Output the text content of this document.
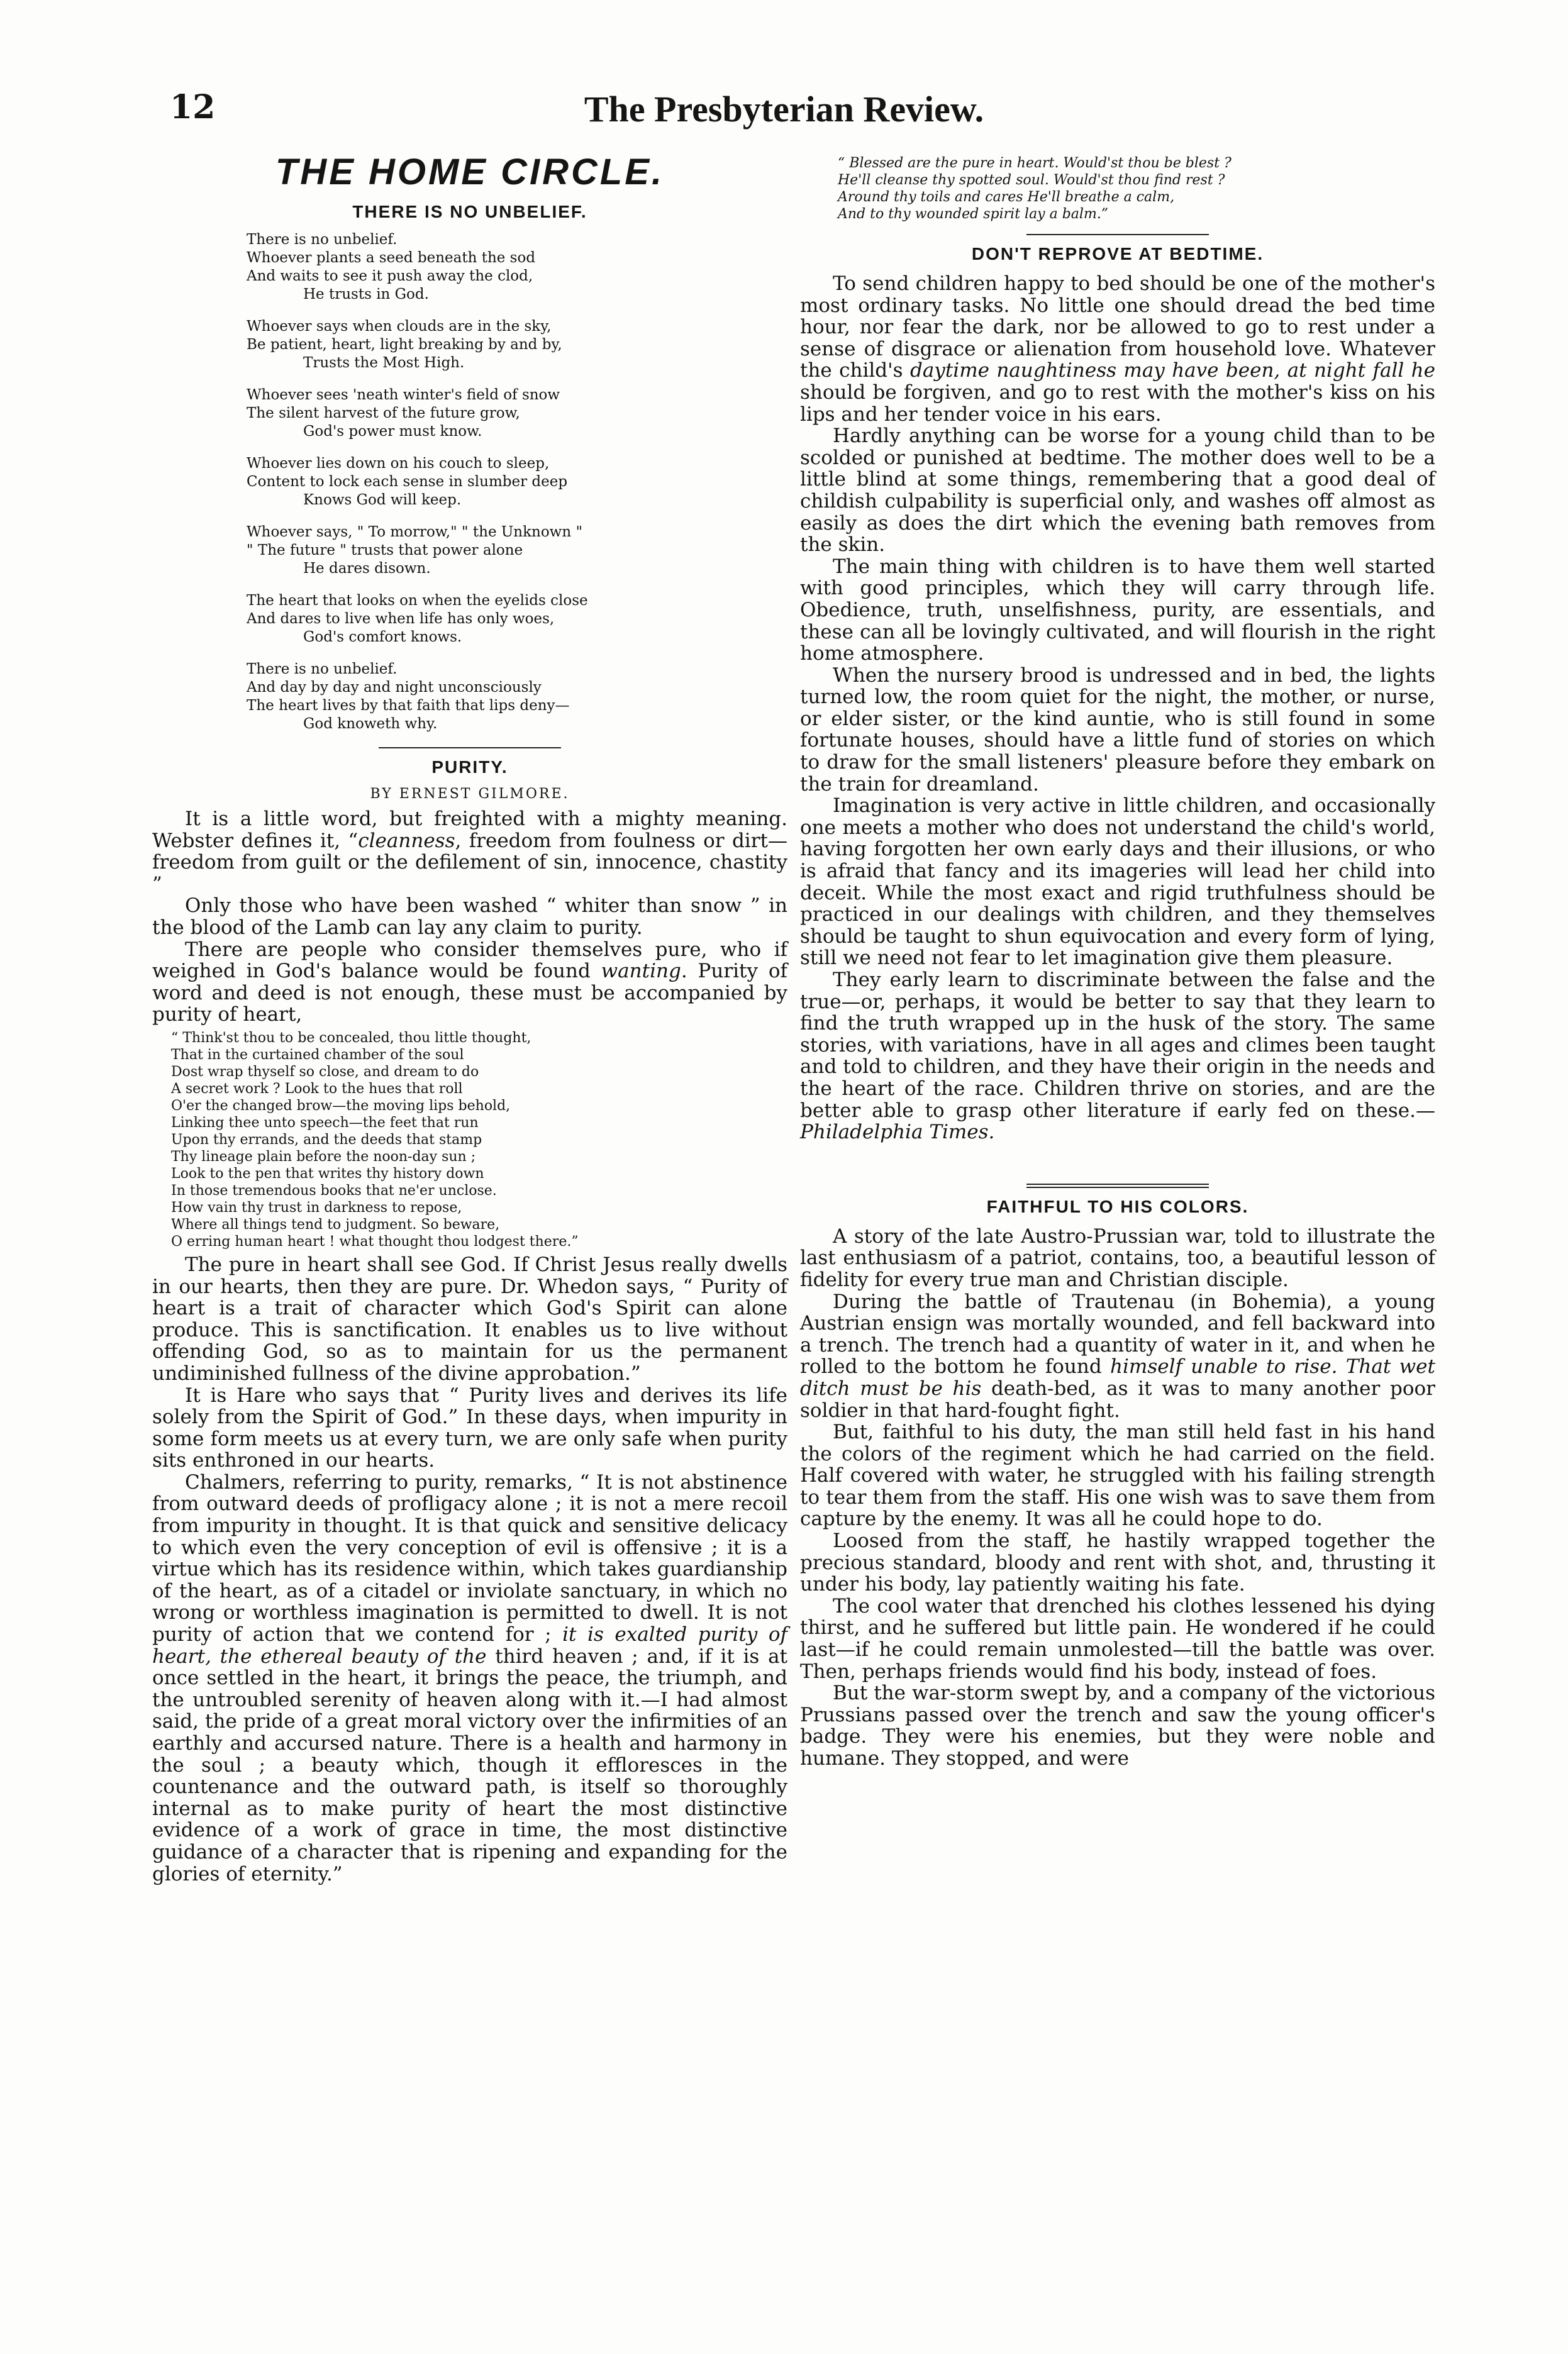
12	The Presbyterian Review.
THE HOME CIRCLE.
THERE IS NO UNBELIEF.
There is no unbelief.
Whoever plants a seed beneath the sod
And waits to see it push away the clod,
He trusts in God.
Whoever says when clouds are in the sky,
Be patient, heart, light breaking by and by,
Trusts the Most High.
Whoever sees 'neath winter's field of snow
The silent harvest of the future grow,
God's power must know.
Whoever lies down on his couch to sleep,
Content to lock each sense in slumber deep
Knows God will keep.
Whoever says, " To morrow," " the Unknown "
" The future " trusts that power alone
He dares disown.
The heart that looks on when the eyelids close
And dares to live when life has only woes,
God's comfort knows.
There is no unbelief.
And day by day and night unconsciously
The heart lives by that faith that lips deny—
God knoweth why.
PURITY.
BY ERNEST GILMORE.

It is a little word, but freighted with a mighty meaning. Webster defines it, “cleanness, freedom from foulness or dirt—freedom from guilt or the defilement of sin, innocence, chastity ”

Only those who have been washed “ whiter than snow ” in the blood of the Lamb can lay any claim to purity.

There are people who consider themselves pure, who if weighed in God's balance would be found wanting. Purity of word and deed is not enough, these must be accompanied by purity of heart,

“ Think'st thou to be concealed, thou little thought,
That in the curtained chamber of the soul
Dost wrap thyself so close, and dream to do
A secret work ? Look to the hues that roll
O'er the changed brow—the moving lips behold,
Linking thee unto speech—the feet that run
Upon thy errands, and the deeds that stamp
Thy lineage plain before the noon-day sun ;
Look to the pen that writes thy history down
In those tremendous books that ne'er unclose.
How vain thy trust in darkness to repose,
Where all things tend to judgment. So beware,
O erring human heart ! what thought thou lodgest there.”

The pure in heart shall see God. If Christ Jesus really dwells in our hearts, then they are pure. Dr. Whedon says, “ Purity of heart is a trait of character which God's Spirit can alone produce. This is sanctification. It enables us to live without offending God, so as to maintain for us the permanent undiminished fullness of the divine approbation.”

It is Hare who says that “ Purity lives and derives its life solely from the Spirit of God.” In these days, when impurity in some form meets us at every turn, we are only safe when purity sits enthroned in our hearts.

Chalmers, referring to purity, remarks, “ It is not abstinence from outward deeds of profligacy alone ; it is not a mere recoil from impurity in thought. It is that quick and sensitive delicacy to which even the very conception of evil is offensive ; it is a virtue which has its residence within, which takes guardianship of the heart, as of a citadel or inviolate sanctuary, in which no wrong or worthless imagination is permitted to dwell. It is not purity of action that we contend for ; it is exalted purity of heart, the ethereal beauty of the third heaven ; and, if it is at once settled in the heart, it brings the peace, the triumph, and the untroubled serenity of heaven along with it.—I had almost said, the pride of a great moral victory over the infirmities of an earthly and accursed nature. There is a health and harmony in the soul ; a beauty which, though it effloresces in the countenance and the outward path, is itself so thoroughly internal as to make purity of heart the most distinctive evidence of a work of grace in time, the most distinctive guidance of a character that is ripening and expanding for the glories of eternity.”

“ Blessed are the pure in heart. Would'st thou be blest ?
He'll cleanse thy spotted soul. Would'st thou find rest ?
Around thy toils and cares He'll breathe a calm,
And to thy wounded spirit lay a balm.”
DON'T REPROVE AT BEDTIME.

To send children happy to bed should be one of the mother's most ordinary tasks. No little one should dread the bed time hour, nor fear the dark, nor be allowed to go to rest under a sense of disgrace or alienation from household love. Whatever the child's daytime naughtiness may have been, at night fall he should be forgiven, and go to rest with the mother's kiss on his lips and her tender voice in his ears.

Hardly anything can be worse for a young child than to be scolded or punished at bedtime. The mother does well to be a little blind at some things, remembering that a good deal of childish culpability is superficial only, and washes off almost as easily as does the dirt which the evening bath removes from the skin.

The main thing with children is to have them well started with good principles, which they will carry through life. Obedience, truth, unselfishness, purity, are essentials, and these can all be lovingly cultivated, and will flourish in the right home atmosphere.

When the nursery brood is undressed and in bed, the lights turned low, the room quiet for the night, the mother, or nurse, or elder sister, or the kind auntie, who is still found in some fortunate houses, should have a little fund of stories on which to draw for the small listeners' pleasure before they embark on the train for dreamland.

Imagination is very active in little children, and occasionally one meets a mother who does not understand the child's world, having forgotten her own early days and their illusions, or who is afraid that fancy and its imageries will lead her child into deceit. While the most exact and rigid truthfulness should be practiced in our dealings with children, and they themselves should be taught to shun equivocation and every form of lying, still we need not fear to let imagination give them pleasure.

They early learn to discriminate between the false and the true—or, perhaps, it would be better to say that they learn to find the truth wrapped up in the husk of the story. The same stories, with variations, have in all ages and climes been taught and told to children, and they have their origin in the needs and the heart of the race. Children thrive on stories, and are the better able to grasp other literature if early fed on these.—Philadelphia Times.

FAITHFUL TO HIS COLORS.

A story of the late Austro-Prussian war, told to illustrate the last enthusiasm of a patriot, contains, too, a beautiful lesson of fidelity for every true man and Christian disciple.

During the battle of Trautenau (in Bohemia), a young Austrian ensign was mortally wounded, and fell backward into a trench. The trench had a quantity of water in it, and when he rolled to the bottom he found himself unable to rise. That wet ditch must be his death-bed, as it was to many another poor soldier in that hard-fought fight.

But, faithful to his duty, the man still held fast in his hand the colors of the regiment which he had carried on the field. Half covered with water, he struggled with his failing strength to tear them from the staff. His one wish was to save them from capture by the enemy. It was all he could hope to do.

Loosed from the staff, he hastily wrapped together the precious standard, bloody and rent with shot, and, thrusting it under his body, lay patiently waiting his fate.

The cool water that drenched his clothes lessened his dying thirst, and he suffered but little pain. He wondered if he could last—if he could remain unmolested—till the battle was over. Then, perhaps friends would find his body, instead of foes.

But the war-storm swept by, and a company of the victorious Prussians passed over the trench and saw the young officer's badge. They were his enemies, but they were noble and humane. They stopped, and were
